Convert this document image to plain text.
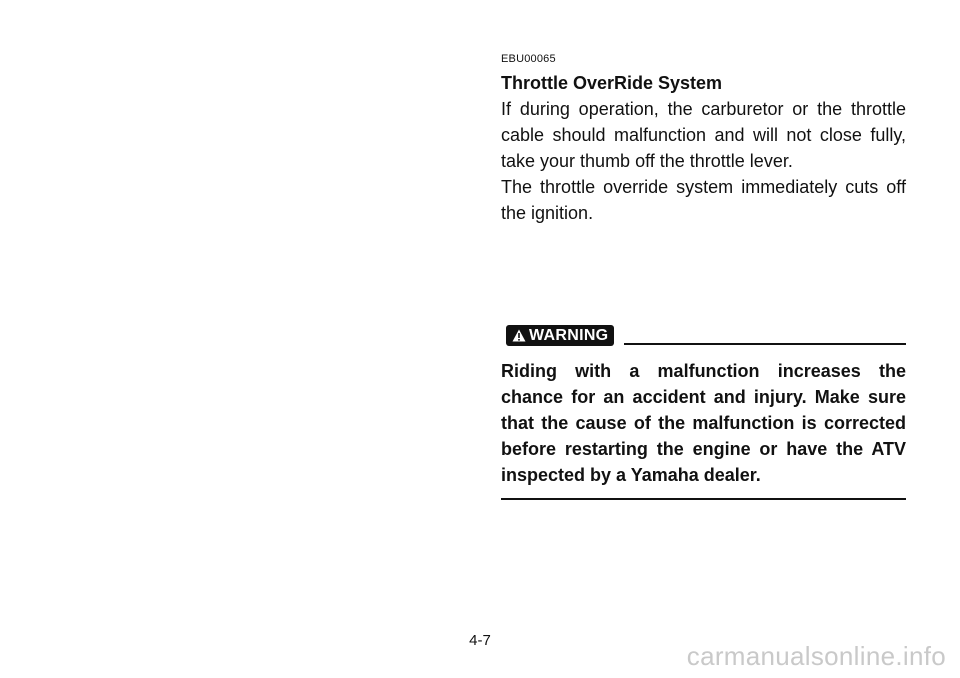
EBU00065

Throttle OverRide System

If during operation, the carburetor or the throttle cable should malfunction and will not close fully, take your thumb off the throttle lever.

The throttle override system immediately cuts off the ignition.

WARNING

Riding with a malfunction increases the chance for an accident and injury. Make sure that the cause of the malfunction is corrected before restarting the engine or have the ATV inspected by a Yamaha dealer.

4-7
carmanualsonline.info
